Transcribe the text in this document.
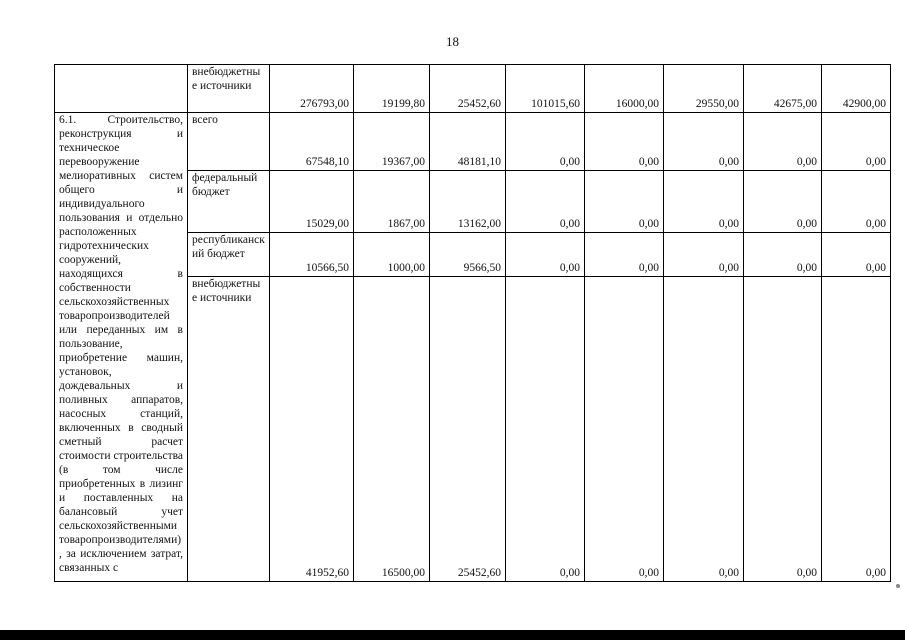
18
	внебюджетные источники	276793,00	19199,80	25452,60	101015,60	16000,00	29550,00	42675,00	42900,00
6.1. Строительство, реконструкция и техническое перевооружение мелиоративных систем общего и индивидуального пользования и отдельно расположенных гидротехнических сооружений, находящихся в собственности сельскохозяйственных товаропроизводителей или переданных им в пользование, приобретение машин, установок, дождевальных и поливных аппаратов, насосных станций, включенных в сводный сметный расчет стоимости строительства (в том числе приобретенных в лизинг и поставленных на балансовый учет сельскохозяйственными товаропроизводителями), за исключением затрат, связанных с	всего	67548,10	19367,00	48181,10	0,00	0,00	0,00	0,00	0,00
	федеральный бюджет	15029,00	1867,00	13162,00	0,00	0,00	0,00	0,00	0,00
	республиканский бюджет	10566,50	1000,00	9566,50	0,00	0,00	0,00	0,00	0,00
	внебюджетные источники	41952,60	16500,00	25452,60	0,00	0,00	0,00	0,00	0,00
